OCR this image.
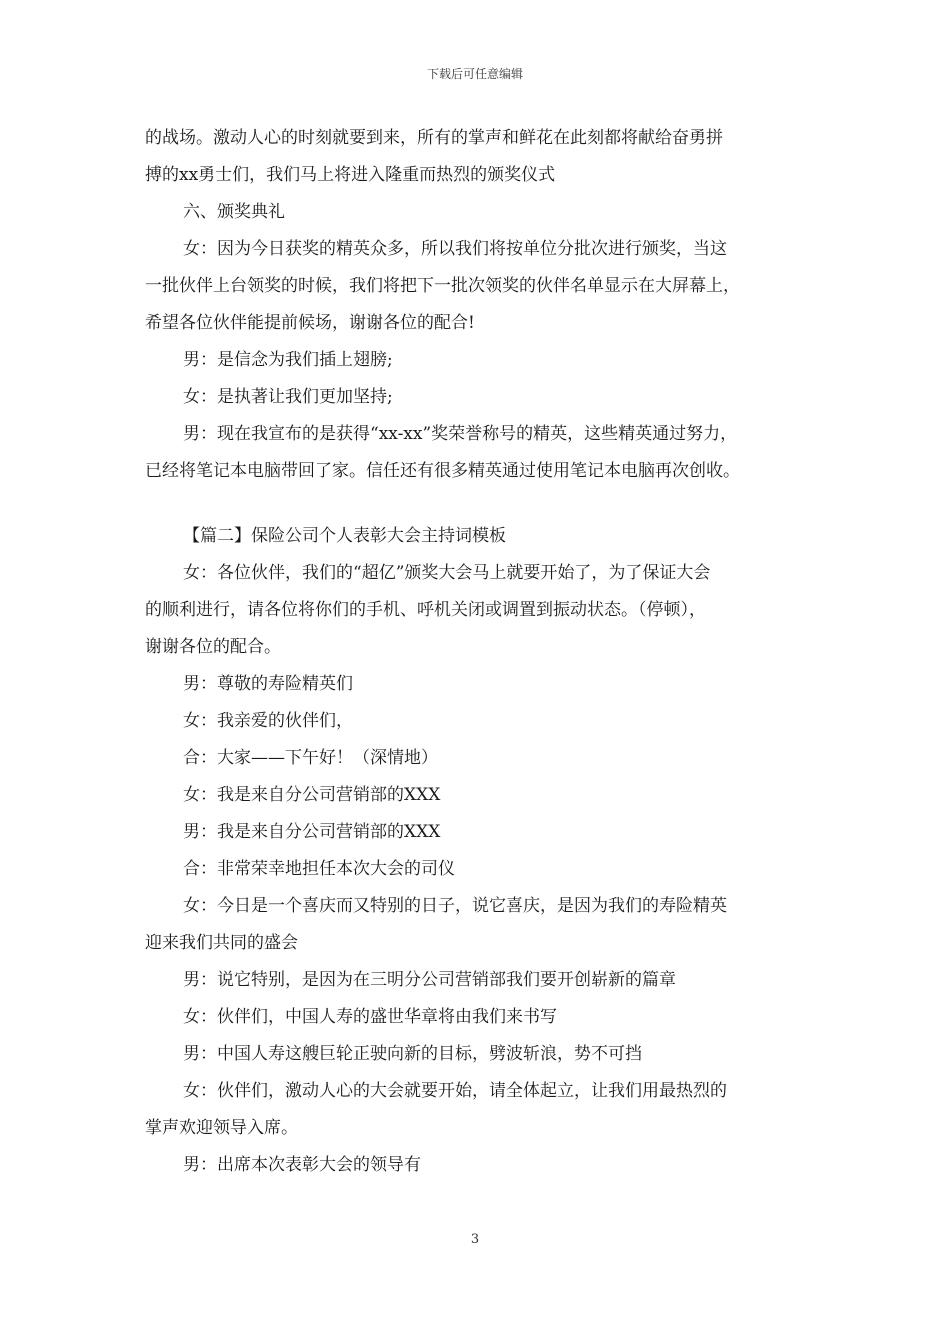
下载后可任意编辑

的战场。激动人心的时刻就要到来，所有的掌声和鲜花在此刻都将献给奋勇拼

搏的xx勇士们，我们马上将进入隆重而热烈的颁奖仪式

六、颁奖典礼

女：因为今日获奖的精英众多，所以我们将按单位分批次进行颁奖，当这

一批伙伴上台领奖的时候，我们将把下一批次领奖的伙伴名单显示在大屏幕上，

希望各位伙伴能提前候场，谢谢各位的配合!

男：是信念为我们插上翅膀;

女：是执著让我们更加坚持;

男：现在我宣布的是获得“xx-xx”奖荣誉称号的精英，这些精英通过努力，

已经将笔记本电脑带回了家。信任还有很多精英通过使用笔记本电脑再次创收。

【篇二】保险公司个人表彰大会主持词模板

女：各位伙伴，我们的“超亿”颁奖大会马上就要开始了，为了保证大会

的顺利进行，请各位将你们的手机、呼机关闭或调置到振动状态。（停顿），

谢谢各位的配合。

男：尊敬的寿险精英们

女：我亲爱的伙伴们，

合：大家——下午好！（深情地）

女：我是来自分公司营销部的XXX

男：我是来自分公司营销部的XXX

合：非常荣幸地担任本次大会的司仪

女：今日是一个喜庆而又特别的日子，说它喜庆，是因为我们的寿险精英

迎来我们共同的盛会

男：说它特别，是因为在三明分公司营销部我们要开创崭新的篇章

女：伙伴们，中国人寿的盛世华章将由我们来书写

男：中国人寿这艘巨轮正驶向新的目标，劈波斩浪，势不可挡

女：伙伴们，激动人心的大会就要开始，请全体起立，让我们用最热烈的

掌声欢迎领导入席。

男：出席本次表彰大会的领导有

3
